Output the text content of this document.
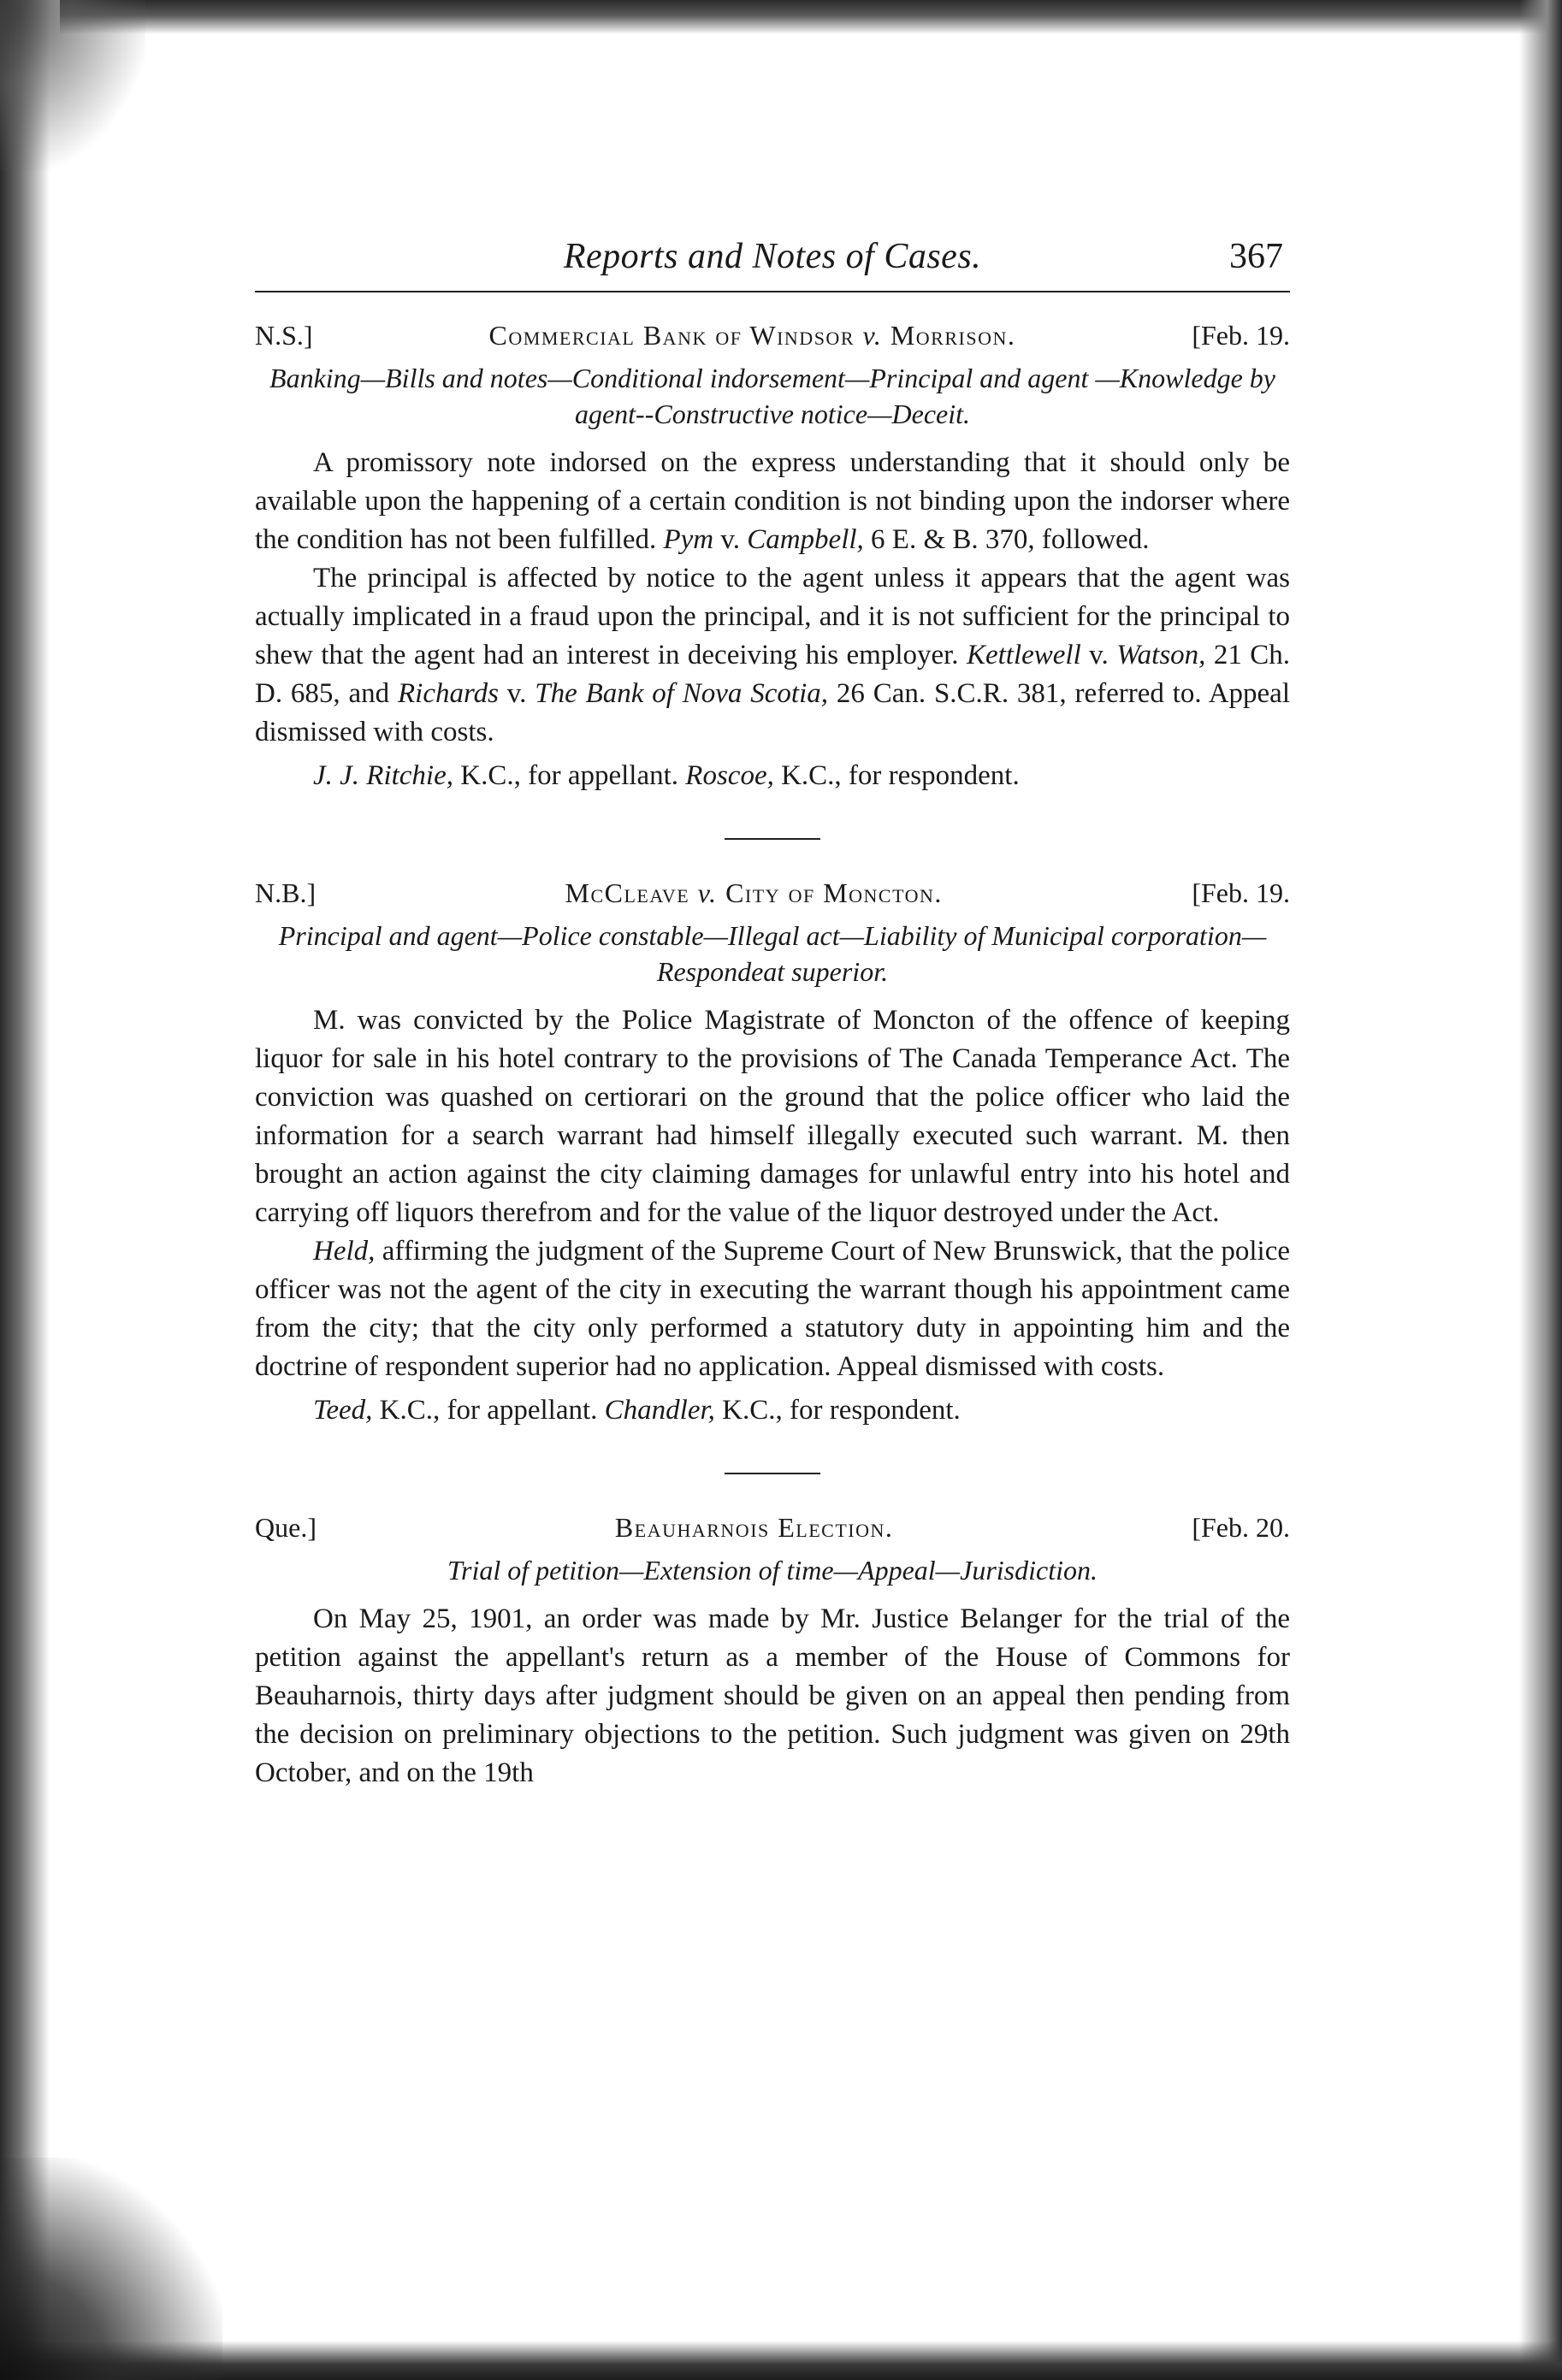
Reports and Notes of Cases.	367
N.S.]	Commercial Bank of Windsor v. Morrison.	[Feb. 19.

Banking—Bills and notes—Conditional indorsement—Principal and agent —Knowledge by agent--Constructive notice—Deceit.

A promissory note indorsed on the express understanding that it should only be available upon the happening of a certain condition is not binding upon the indorser where the condition has not been fulfilled. Pym v. Campbell, 6 E. & B. 370, followed.

The principal is affected by notice to the agent unless it appears that the agent was actually implicated in a fraud upon the principal, and it is not sufficient for the principal to shew that the agent had an interest in deceiving his employer. Kettlewell v. Watson, 21 Ch. D. 685, and Richards v. The Bank of Nova Scotia, 26 Can. S.C.R. 381, referred to. Appeal dismissed with costs.

J. J. Ritchie, K.C., for appellant. Roscoe, K.C., for respondent.

N.B.]	McCleave v. City of Moncton.	[Feb. 19.

Principal and agent—Police constable—Illegal act—Liability of Municipal corporation—Respondeat superior.

M. was convicted by the Police Magistrate of Moncton of the offence of keeping liquor for sale in his hotel contrary to the provisions of The Canada Temperance Act. The conviction was quashed on certiorari on the ground that the police officer who laid the information for a search warrant had himself illegally executed such warrant. M. then brought an action against the city claiming damages for unlawful entry into his hotel and carrying off liquors therefrom and for the value of the liquor destroyed under the Act.

Held, affirming the judgment of the Supreme Court of New Brunswick, that the police officer was not the agent of the city in executing the warrant though his appointment came from the city; that the city only performed a statutory duty in appointing him and the doctrine of respondent superior had no application. Appeal dismissed with costs.

Teed, K.C., for appellant. Chandler, K.C., for respondent.

Que.]	Beauharnois Election.	[Feb. 20.

Trial of petition—Extension of time—Appeal—Jurisdiction.

On May 25, 1901, an order was made by Mr. Justice Belanger for the trial of the petition against the appellant's return as a member of the House of Commons for Beauharnois, thirty days after judgment should be given on an appeal then pending from the decision on preliminary objections to the petition. Such judgment was given on 29th October, and on the 19th
